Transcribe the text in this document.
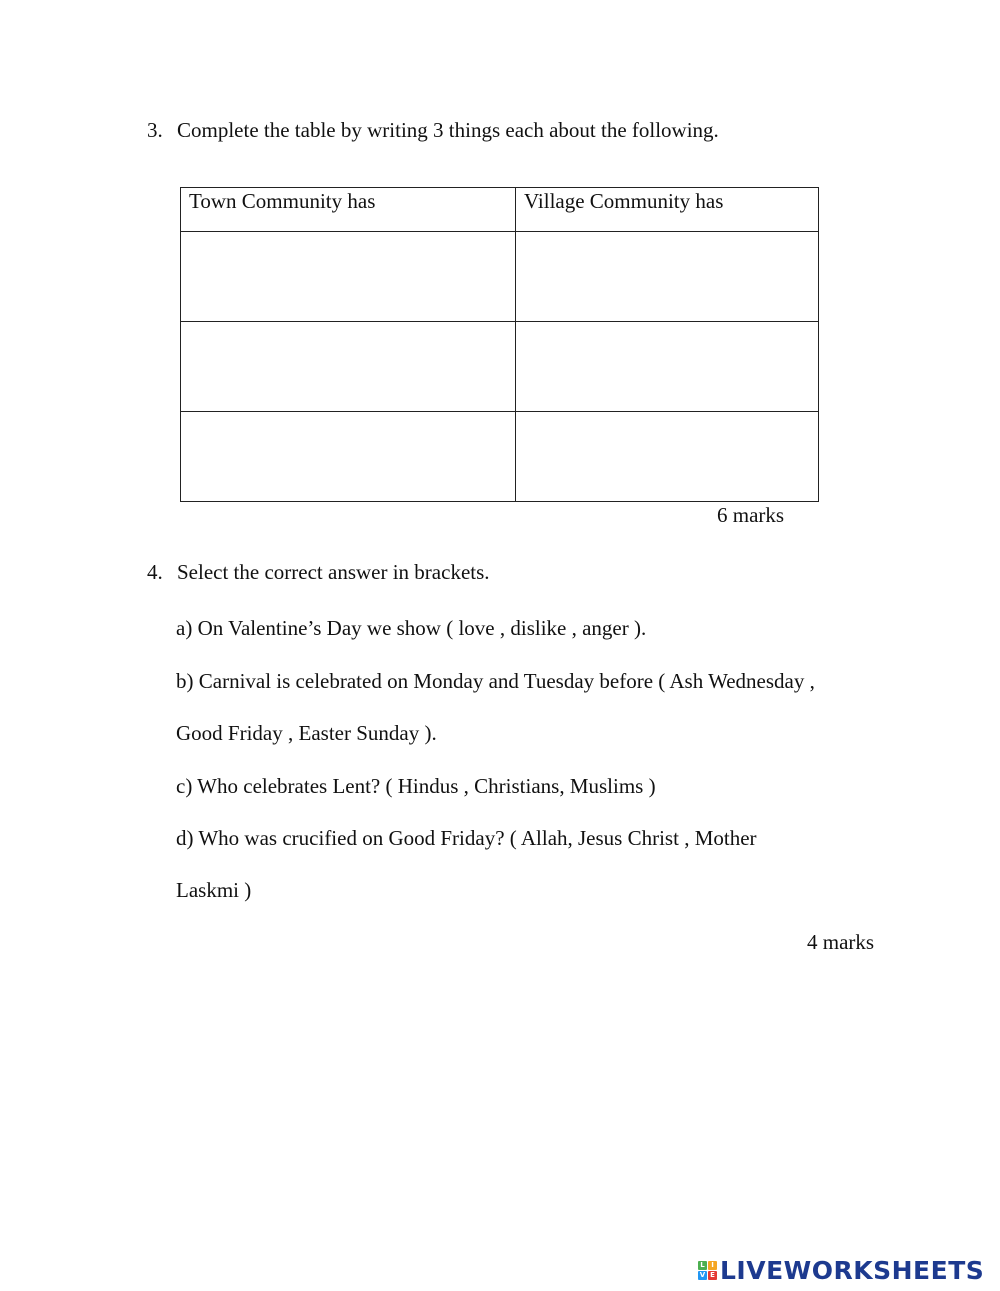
3. Complete the table by writing 3 things each about the following.
Town Community has	Village Community has

6 marks
4. Select the correct answer in brackets.
a) On Valentine’s Day we show ( love , dislike , anger ).
b) Carnival is celebrated on Monday and Tuesday before ( Ash Wednesday ,
Good Friday , Easter Sunday ).
c) Who celebrates Lent? ( Hindus , Christians, Muslims )
d) Who was crucified on Good Friday? ( Allah, Jesus Christ , Mother
Laskmi )
4 marks
L I
V E LIVEWORKSHEETS
